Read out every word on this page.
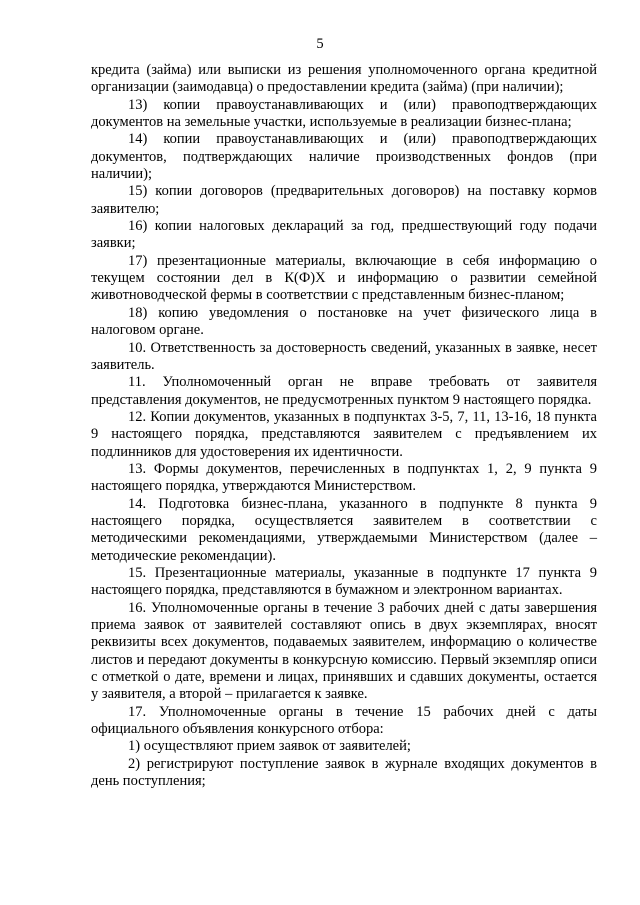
5

кредита (займа) или выписки из решения уполномоченного органа кредитной организации (заимодавца) о предоставлении кредита (займа) (при наличии);

13) копии правоустанавливающих и (или) правоподтверждающих документов на земельные участки, используемые в реализации бизнес-плана;

14) копии правоустанавливающих и (или) правоподтверждающих документов, подтверждающих наличие производственных фондов (при наличии);

15) копии договоров (предварительных договоров) на поставку кормов заявителю;

16) копии налоговых деклараций за год, предшествующий году подачи заявки;

17) презентационные материалы, включающие в себя информацию о текущем состоянии дел в К(Ф)Х и информацию о развитии семейной животноводческой фермы в соответствии с представленным бизнес-планом;

18) копию уведомления о постановке на учет физического лица в налоговом органе.

10. Ответственность за достоверность сведений, указанных в заявке, несет заявитель.

11. Уполномоченный орган не вправе требовать от заявителя представления документов, не предусмотренных пунктом 9 настоящего порядка.

12. Копии документов, указанных в подпунктах 3-5, 7, 11, 13-16, 18 пункта 9 настоящего порядка, представляются заявителем с предъявлением их подлинников для удостоверения их идентичности.

13. Формы документов, перечисленных в подпунктах 1, 2, 9 пункта 9 настоящего порядка, утверждаются Министерством.

14. Подготовка бизнес-плана, указанного в подпункте 8 пункта 9 настоящего порядка, осуществляется заявителем в соответствии с методическими рекомендациями, утверждаемыми Министерством (далее – методические рекомендации).

15. Презентационные материалы, указанные в подпункте 17 пункта 9 настоящего порядка, представляются в бумажном и электронном вариантах.

16. Уполномоченные органы в течение 3 рабочих дней с даты завершения приема заявок от заявителей составляют опись в двух экземплярах, вносят реквизиты всех документов, подаваемых заявителем, информацию о количестве листов и передают документы в конкурсную комиссию. Первый экземпляр описи с отметкой о дате, времени и лицах, принявших и сдавших документы, остается у заявителя, а второй – прилагается к заявке.

17. Уполномоченные органы в течение 15 рабочих дней с даты официального объявления конкурсного отбора:

1) осуществляют прием заявок от заявителей;

2) регистрируют поступление заявок в журнале входящих документов в день поступления;
